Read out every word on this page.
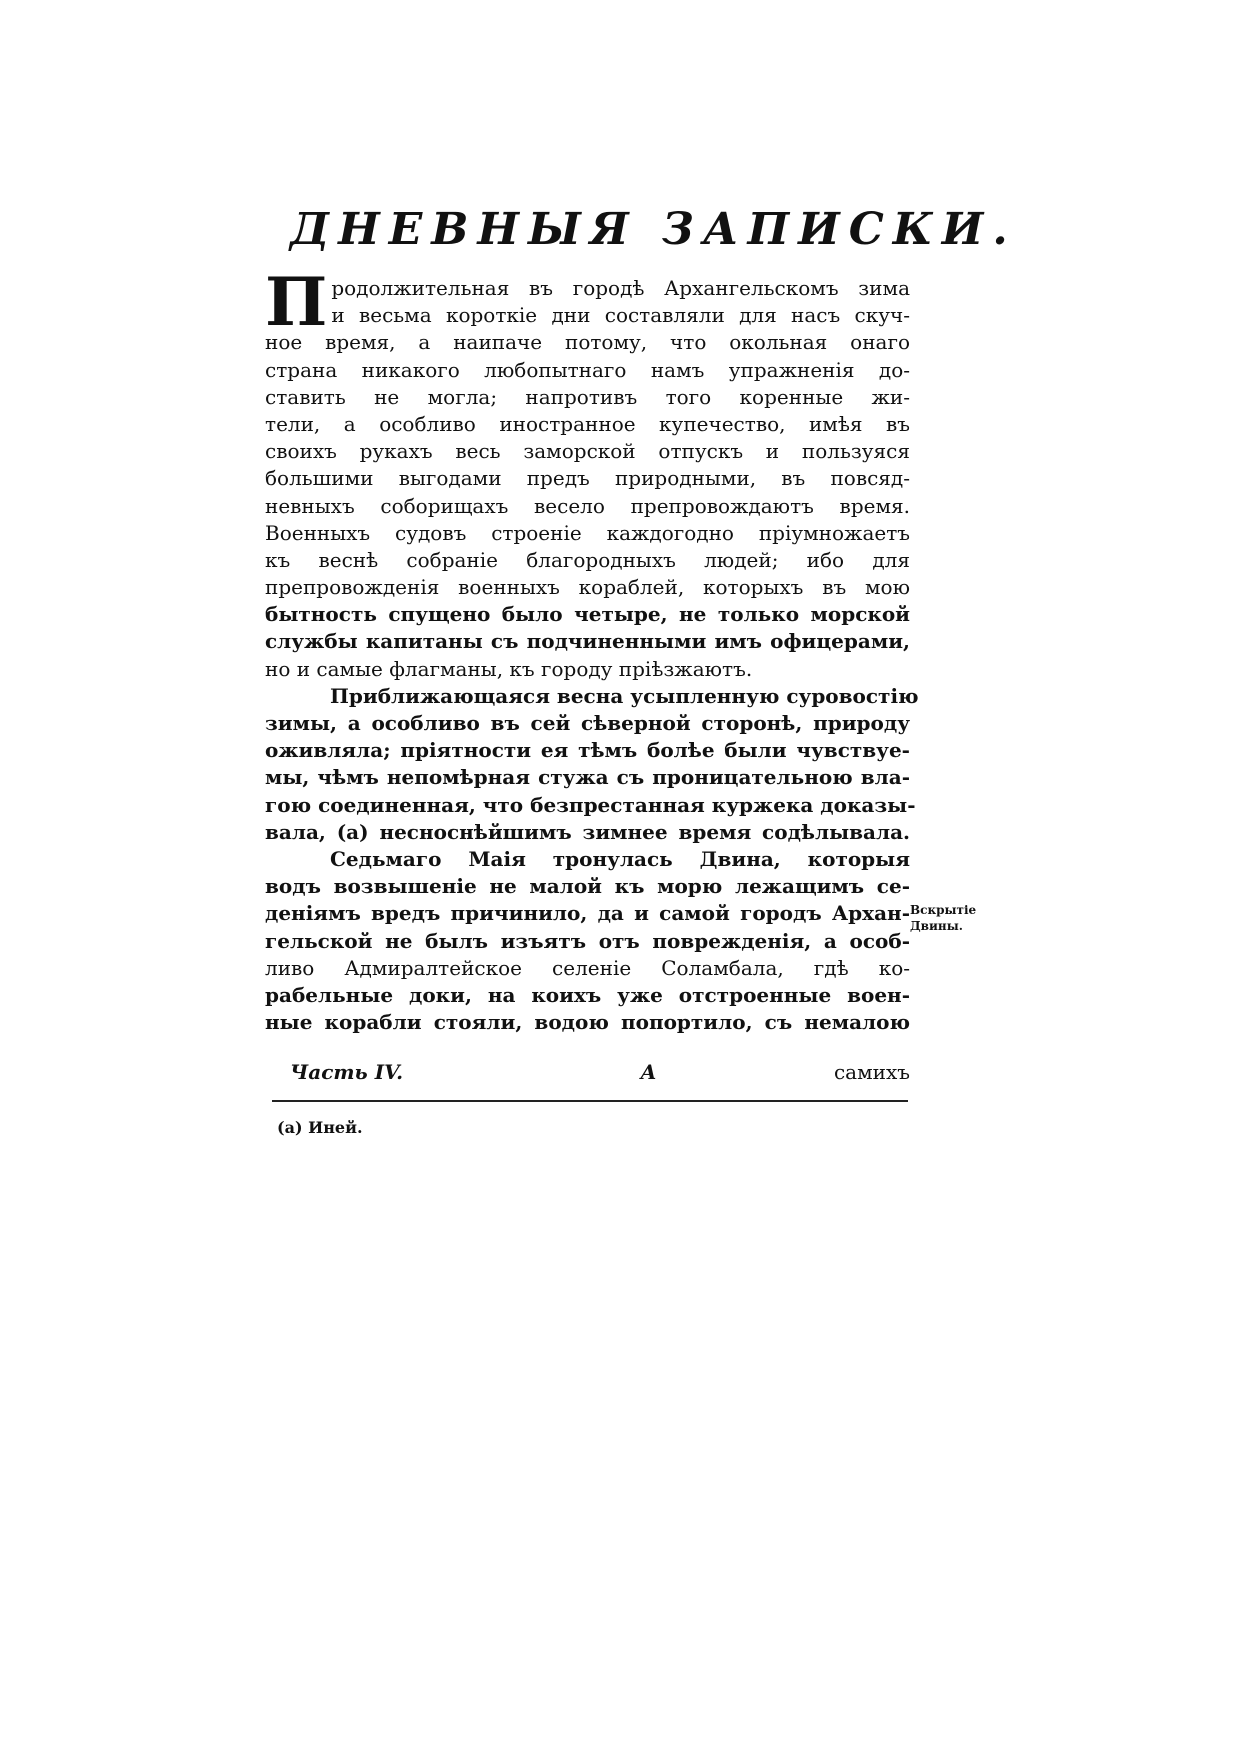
ДНЕВНЫЯ ЗАПИСКИ.
П родолжительная въ городѣ Архангельскомъ зима
и весьма короткіе дни составляли для насъ скуч-
ное время, а наипаче потому, что окольная онаго
страна никакого любопытнаго намъ упражненія до-
ставить не могла; напротивъ того коренные жи-
тели, а особливо иностранное купечество, имѣя въ
своихъ рукахъ весь заморской отпускъ и пользуяся
большими выгодами предъ природными, въ повсяд-
невныхъ соборищахъ весело препровождаютъ время.
Военныхъ судовъ строеніе каждогодно пріумножаетъ
къ веснѣ собраніе благородныхъ людей; ибо для
препровожденія военныхъ кораблей, которыхъ въ мою
бытность спущено было четыре, не только морской
службы капитаны съ подчиненными имъ офицерами,
но и самые флагманы, къ городу пріѣзжаютъ.
Приближающаяся весна усыпленную суровостію
зимы, а особливо въ сей сѣверной сторонѣ, природу
оживляла; пріятности ея тѣмъ болѣе были чувствуе-
мы, чѣмъ непомѣрная стужа съ проницательною вла-
гою соединенная, что безпрестанная куржека доказы-
вала, (а) несноснѣйшимъ зимнее время содѣлывала.
Седьмаго Маія тронулась Двина, которыя
водъ возвышеніе не малой къ морю лежащимъ се-
деніямъ вредъ причинило, да и самой городъ Архан-
гельской не былъ изъятъ отъ поврежденія, а особ-
ливо Адмиралтейское селеніе Соламбала, гдѣ ко-
рабельные доки, на коихъ уже отстроенные воен-
ные корабли стояли, водою попортило, съ немалою
Вскрытіе Двины.
Часть IV.	А	самихъ
(а) Иней.
